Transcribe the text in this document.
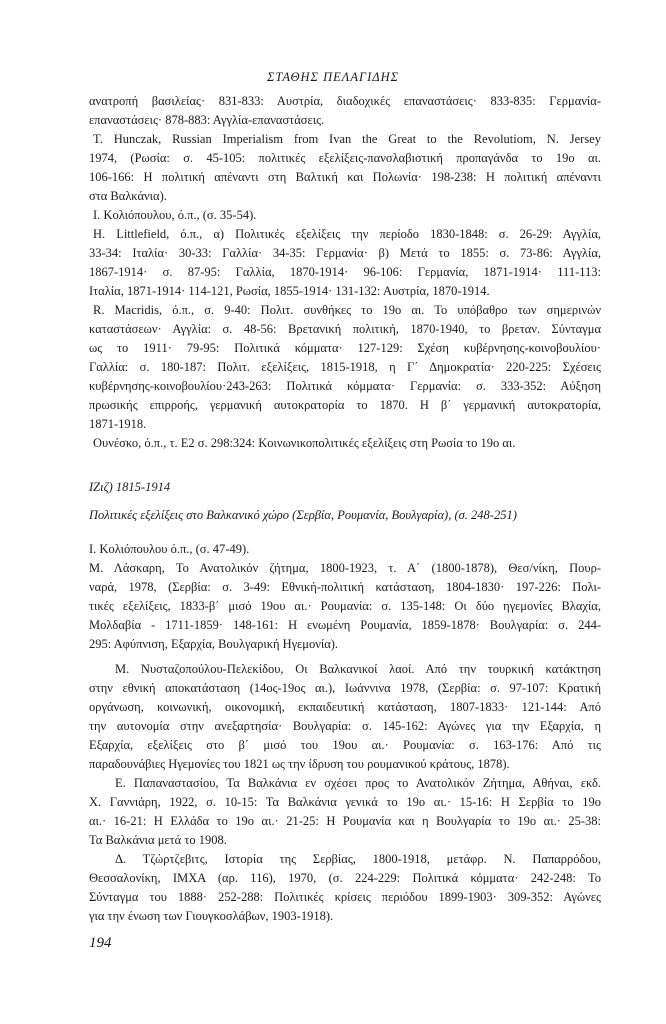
ΣΤΑΘΗΣ ΠΕΛΑΓΙΔΗΣ
ανατροπή βασιλείας· 831-833: Αυστρία, διαδοχικές επαναστάσεις· 833-835: Γερμανία-
επαναστάσεις· 878-883: Αγγλία-επαναστάσεις.
T. Hunczak, Russian Imperialism from Ivan the Great to the Revolutiom, N. Jersey
1974, (Ρωσία: σ. 45-105: πολιτικές εξελίξεις-πανσλαβιστική προπαγάνδα το 19ο αι.
106-166: Η πολιτική απέναντι στη Βαλτική και Πολωνία· 198-238: Η πολιτική απέναντι
στα Βαλκάνια).
I. Κολιόπουλου, ό.π., (σ. 35-54).
H. Littlefield, ό.π., α) Πολιτικές εξελίξεις την περίοδο 1830-1848: σ. 26-29: Αγγλία,
33-34: Ιταλία· 30-33: Γαλλία· 34-35: Γερμανία· β) Μετά το 1855: σ. 73-86: Αγγλία,
1867-1914· σ. 87-95: Γαλλία, 1870-1914· 96-106: Γερμανία, 1871-1914· 111-113:
Ιταλία, 1871-1914· 114-121, Ρωσία, 1855-1914· 131-132: Αυστρία, 1870-1914.
R. Macridis, ό.π., σ. 9-40: Πολιτ. συνθήκες το 19ο αι. Το υπόβαθρο των σημερινών
καταστάσεων· Αγγλία: σ. 48-56: Βρετανική πολιτική, 1870-1940, το βρεταν. Σύνταγμα
ως το 1911· 79-95: Πολιτικά κόμματα· 127-129: Σχέση κυβέρνησης-κοινοβουλίου·
Γαλλία: σ. 180-187: Πολιτ. εξελίξεις, 1815-1918, η Γ΄ Δημοκρατία· 220-225: Σχέσεις
κυβέρνησης-κοινοβουλίου·243-263: Πολιτικά κόμματα· Γερμανία: σ. 333-352: Αύξηση
πρωσικής επιρροής, γερμανική αυτοκρατορία το 1870. Η β΄ γερμανική αυτοκρατορία,
1871-1918.
Ουνέσκο, ό.π., τ. Ε2 σ. 298:324: Κοινωνικοπολιτικές εξελίξεις στη Ρωσία το 19ο αι.
IZιζ) 1815-1914
Πολιτικές εξελίξεις στο Βαλκανικό χώρο (Σερβία, Ρουμανία, Βουλγαρία), (σ. 248-251)
I. Κολιόπουλου ό.π., (σ. 47-49).
Μ. Λάσκαρη, Το Ανατολικόν ζήτημα, 1800-1923, τ. Α΄ (1800-1878), Θεσ/νίκη, Πουρ-
ναρά, 1978, (Σερβία: σ. 3-49: Εθνική-πολιτική κατάσταση, 1804-1830· 197-226: Πολι-
τικές εξελίξεις, 1833-β΄ μισό 19ου αι.· Ρουμανία: σ. 135-148: Οι δύο ηγεμονίες Βλαχία,
Μολδαβία - 1711-1859· 148-161: Η ενωμένη Ρουμανία, 1859-1878· Βουλγαρία: σ. 244-
295: Αφύπνιση, Εξαρχία, Βουλγαρική Ηγεμονία).
Μ. Νυσταζοπούλου-Πελεκίδου, Οι Βαλκανικοί λαοί. Από την τουρκική κατάκτηση
στην εθνική αποκατάσταση (14ος-19ος αι.), Ιωάννινα 1978, (Σερβία: σ. 97-107: Κρατική
οργάνωση, κοινωνική, οικονομική, εκπαιδευτική κατάσταση, 1807-1833· 121-144: Από
την αυτονομία στην ανεξαρτησία· Βουλγαρία: σ. 145-162: Αγώνες για την Εξαρχία, η
Εξαρχία, εξελίξεις στο β΄ μισό του 19ου αι.· Ρουμανία: σ. 163-176: Από τις
παραδουνάβιες Ηγεμονίες του 1821 ως την ίδρυση του ρουμανικού κράτους, 1878).
Ε. Παπαναστασίου, Τα Βαλκάνια εν σχέσει προς το Ανατολικόν Ζήτημα, Αθήναι, εκδ.
Χ. Γαννιάρη, 1922, σ. 10-15: Τα Βαλκάνια γενικά το 19ο αι.· 15-16: Η Σερβία το 19ο
αι.· 16-21: Η Ελλάδα το 19ο αι.· 21-25: Η Ρουμανία και η Βουλγαρία το 19ο αι.· 25-38:
Τα Βαλκάνια μετά το 1908.
Δ. Τζώρτζεβιτς, Ιστορία της Σερβίας, 1800-1918, μετάφρ. Ν. Παπαρρόδου,
Θεσσαλονίκη, ΙΜΧΑ (αρ. 116), 1970, (σ. 224-229: Πολιτικά κόμματα· 242-248: Το
Σύνταγμα του 1888· 252-288: Πολιτικές κρίσεις περιόδου 1899-1903· 309-352: Αγώνες
για την ένωση των Γιουγκοσλάβων, 1903-1918).
194
